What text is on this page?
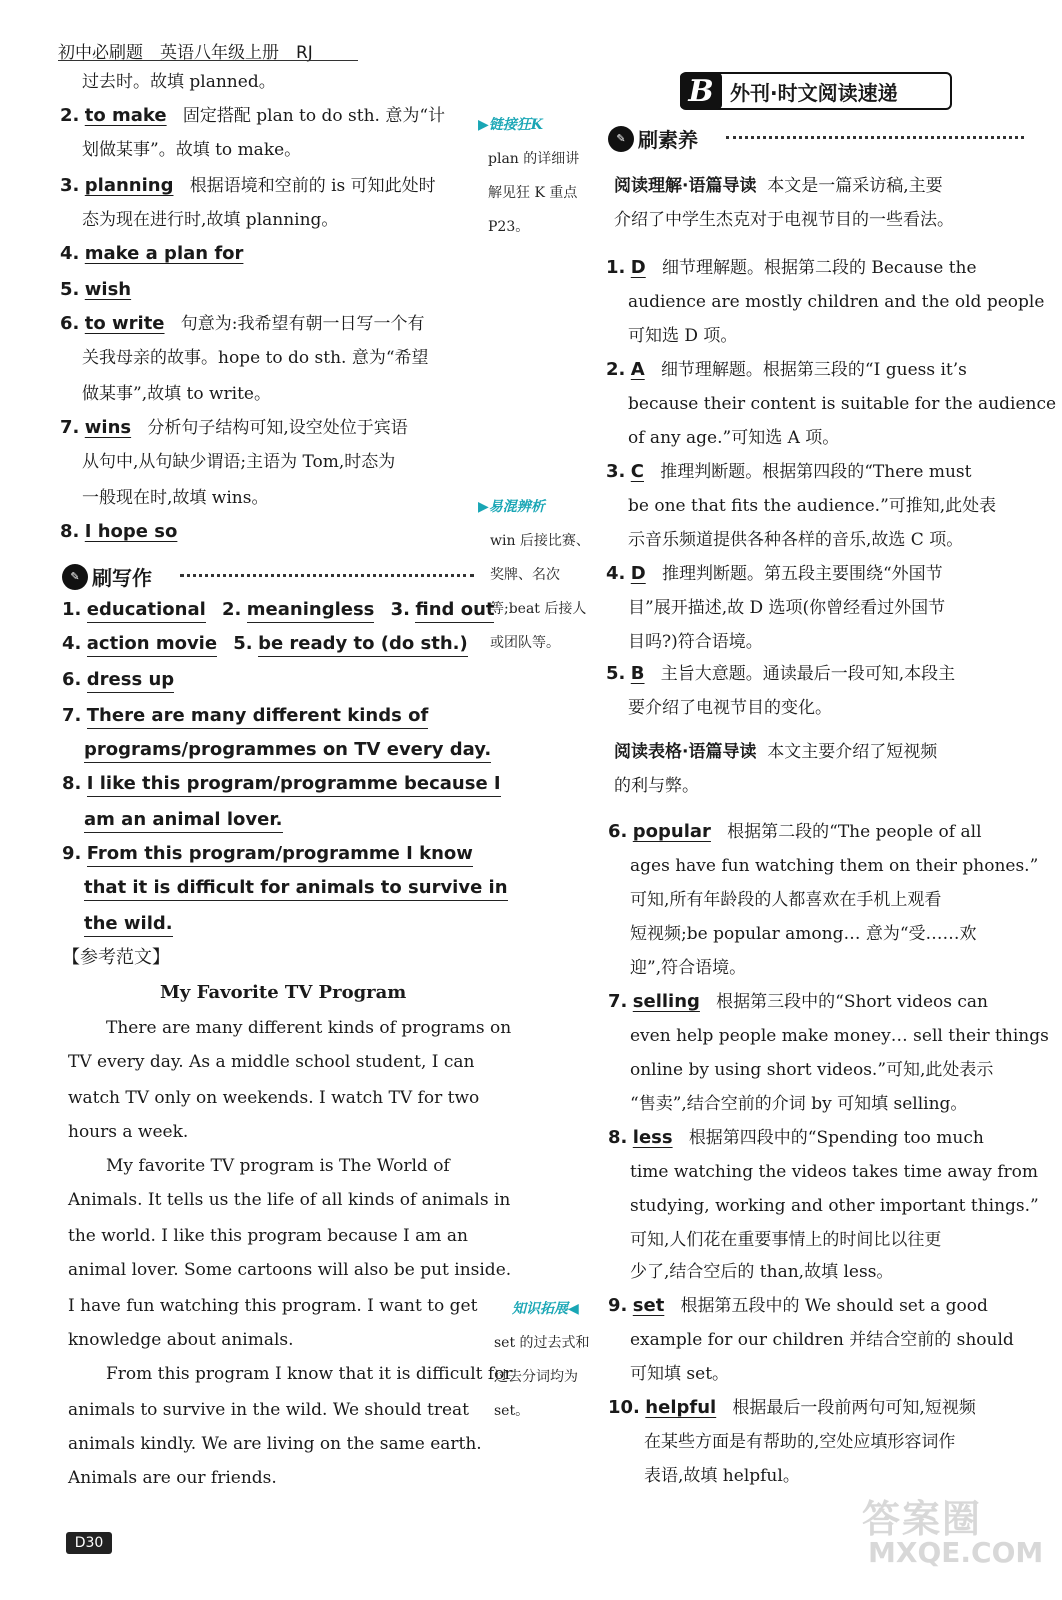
初中必刷题　英语八年级上册　RJ
过去时。故填 planned。
2. to make 固定搭配 plan to do sth. 意为“计
划做某事”。故填 to make。
3. planning 根据语境和空前的 is 可知此处时
态为现在进行时,故填 planning。
4. make a plan for
5. wish
6. to write 句意为:我希望有朝一日写一个有
关我母亲的故事。hope to do sth. 意为“希望
做某事”,故填 to write。
7. wins 分析句子结构可知,设空处位于宾语
从句中,从句缺少谓语;主语为 Tom,时态为
一般现在时,故填 wins。
8. I hope so
✎ 刷写作
1. educational 2. meaningless 3. find out
4. action movie 5. be ready to (do sth.)
6. dress up
7. There are many different kinds of
programs/programmes on TV every day.
8. I like this program/programme because I
am an animal lover.
9. From this program/programme I know
that it is difficult for animals to survive in
the wild.
【参考范文】
My Favorite TV Program
There are many different kinds of programs on
TV every day. As a middle school student, I can
watch TV only on weekends. I watch TV for two
hours a week.
My favorite TV program is The World of
Animals. It tells us the life of all kinds of animals in
the world. I like this program because I am an
animal lover. Some cartoons will also be put inside.
I have fun watching this program. I want to get
knowledge about animals.
From this program I know that it is difficult for
animals to survive in the wild. We should treat
animals kindly. We are living on the same earth.
Animals are our friends.
▶链接狂K
plan 的详细讲解见狂 K 重点 P23。
▶易混辨析
win 后接比赛、奖牌、名次等;beat 后接人或团队等。
知识拓展◀
set 的过去式和过去分词均为 set。
B 外刊·时文阅读速递
✎ 刷素养
阅读理解·语篇导读 本文是一篇采访稿,主要
介绍了中学生杰克对于电视节目的一些看法。
1. D 细节理解题。根据第二段的 Because the
audience are mostly children and the old people
可知选 D 项。
2. A 细节理解题。根据第三段的“I guess it’s
because their content is suitable for the audience
of any age.”可知选 A 项。
3. C 推理判断题。根据第四段的“There must
be one that fits the audience.”可推知,此处表
示音乐频道提供各种各样的音乐,故选 C 项。
4. D 推理判断题。第五段主要围绕“外国节
目”展开描述,故 D 选项(你曾经看过外国节
目吗?)符合语境。
5. B 主旨大意题。通读最后一段可知,本段主
要介绍了电视节目的变化。
阅读表格·语篇导读 本文主要介绍了短视频
的利与弊。
6. popular 根据第二段的“The people of all
ages have fun watching them on their phones.”
可知,所有年龄段的人都喜欢在手机上观看
短视频;be popular among… 意为“受……欢
迎”,符合语境。
7. selling 根据第三段中的“Short videos can
even help people make money… sell their things
online by using short videos.”可知,此处表示
“售卖”,结合空前的介词 by 可知填 selling。
8. less 根据第四段中的“Spending too much
time watching the videos takes time away from
studying, working and other important things.”
可知,人们花在重要事情上的时间比以往更
少了,结合空后的 than,故填 less。
9. set 根据第五段中的 We should set a good
example for our children 并结合空前的 should
可知填 set。
10. helpful 根据最后一段前两句可知,短视频
在某些方面是有帮助的,空处应填形容词作
表语,故填 helpful。
D30
答案圈
MXQE.COM
